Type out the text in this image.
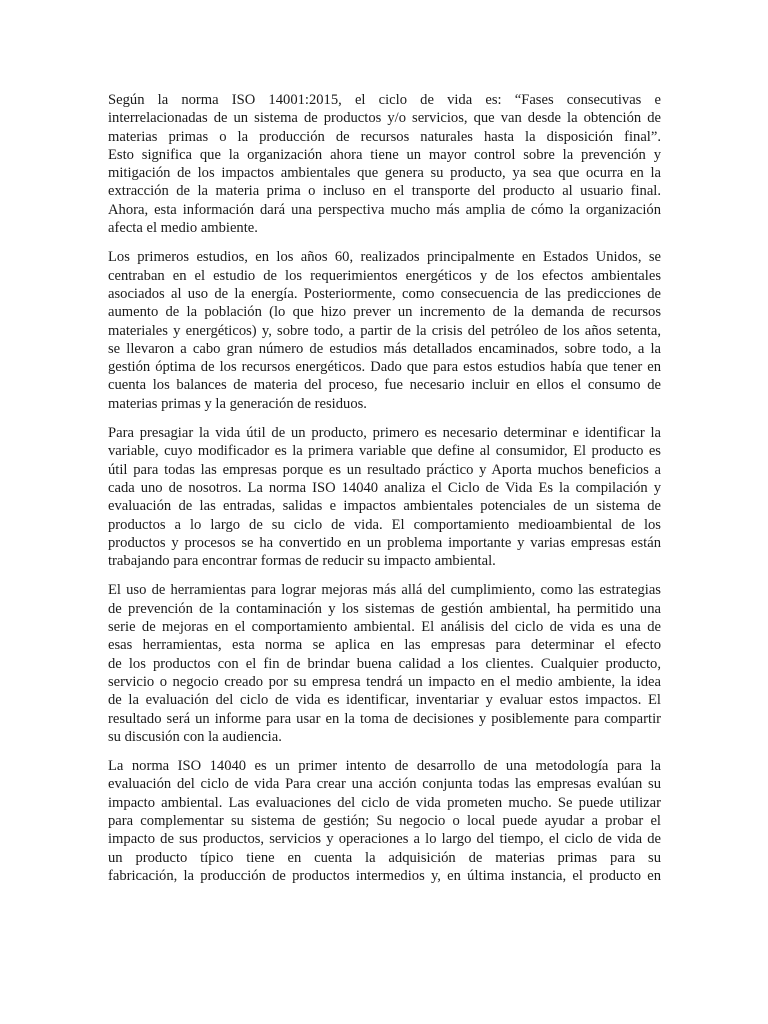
Según la norma ISO 14001:2015, el ciclo de vida es: “Fases consecutivas e
interrelacionadas de un sistema de productos y/o servicios, que van desde la obtención de
materias primas o la producción de recursos naturales hasta la disposición final”.
Esto significa que la organización ahora tiene un mayor control sobre la prevención y
mitigación de los impactos ambientales que genera su producto, ya sea que ocurra en la
extracción de la materia prima o incluso en el transporte del producto al usuario final.
Ahora, esta información dará una perspectiva mucho más amplia de cómo la organización
afecta el medio ambiente.

Los primeros estudios, en los años 60, realizados principalmente en Estados Unidos, se
centraban en el estudio de los requerimientos energéticos y de los efectos ambientales
asociados al uso de la energía. Posteriormente, como consecuencia de las predicciones de
aumento de la población (lo que hizo prever un incremento de la demanda de recursos
materiales y energéticos) y, sobre todo, a partir de la crisis del petróleo de los años setenta,
se llevaron a cabo gran número de estudios más detallados encaminados, sobre todo, a la
gestión óptima de los recursos energéticos. Dado que para estos estudios había que tener en
cuenta los balances de materia del proceso, fue necesario incluir en ellos el consumo de
materias primas y la generación de residuos.

Para presagiar la vida útil de un producto, primero es necesario determinar e identificar la
variable, cuyo modificador es la primera variable que define al consumidor, El producto es
útil para todas las empresas porque es un resultado práctico y Aporta muchos beneficios a
cada uno de nosotros. La norma ISO 14040 analiza el Ciclo de Vida Es la compilación y
evaluación de las entradas, salidas e impactos ambientales potenciales de un sistema de
productos a lo largo de su ciclo de vida. El comportamiento medioambiental de los
productos y procesos se ha convertido en un problema importante y varias empresas están
trabajando para encontrar formas de reducir su impacto ambiental.

El uso de herramientas para lograr mejoras más allá del cumplimiento, como las estrategias
de prevención de la contaminación y los sistemas de gestión ambiental, ha permitido una
serie de mejoras en el comportamiento ambiental. El análisis del ciclo de vida es una de
esas herramientas, esta norma se aplica en las empresas para determinar el efecto
de los productos con el fin de brindar buena calidad a los clientes. Cualquier producto,
servicio o negocio creado por su empresa tendrá un impacto en el medio ambiente, la idea
de la evaluación del ciclo de vida es identificar, inventariar y evaluar estos impactos. El
resultado será un informe para usar en la toma de decisiones y posiblemente para compartir
su discusión con la audiencia.

La norma ISO 14040 es un primer intento de desarrollo de una metodología para la
evaluación del ciclo de vida Para crear una acción conjunta todas las empresas evalúan su
impacto ambiental. Las evaluaciones del ciclo de vida prometen mucho. Se puede utilizar
para complementar su sistema de gestión; Su negocio o local puede ayudar a probar el
impacto de sus productos, servicios y operaciones a lo largo del tiempo, el ciclo de vida de
un producto típico tiene en cuenta la adquisición de materias primas para su
fabricación, la producción de productos intermedios y, en última instancia, el producto en
